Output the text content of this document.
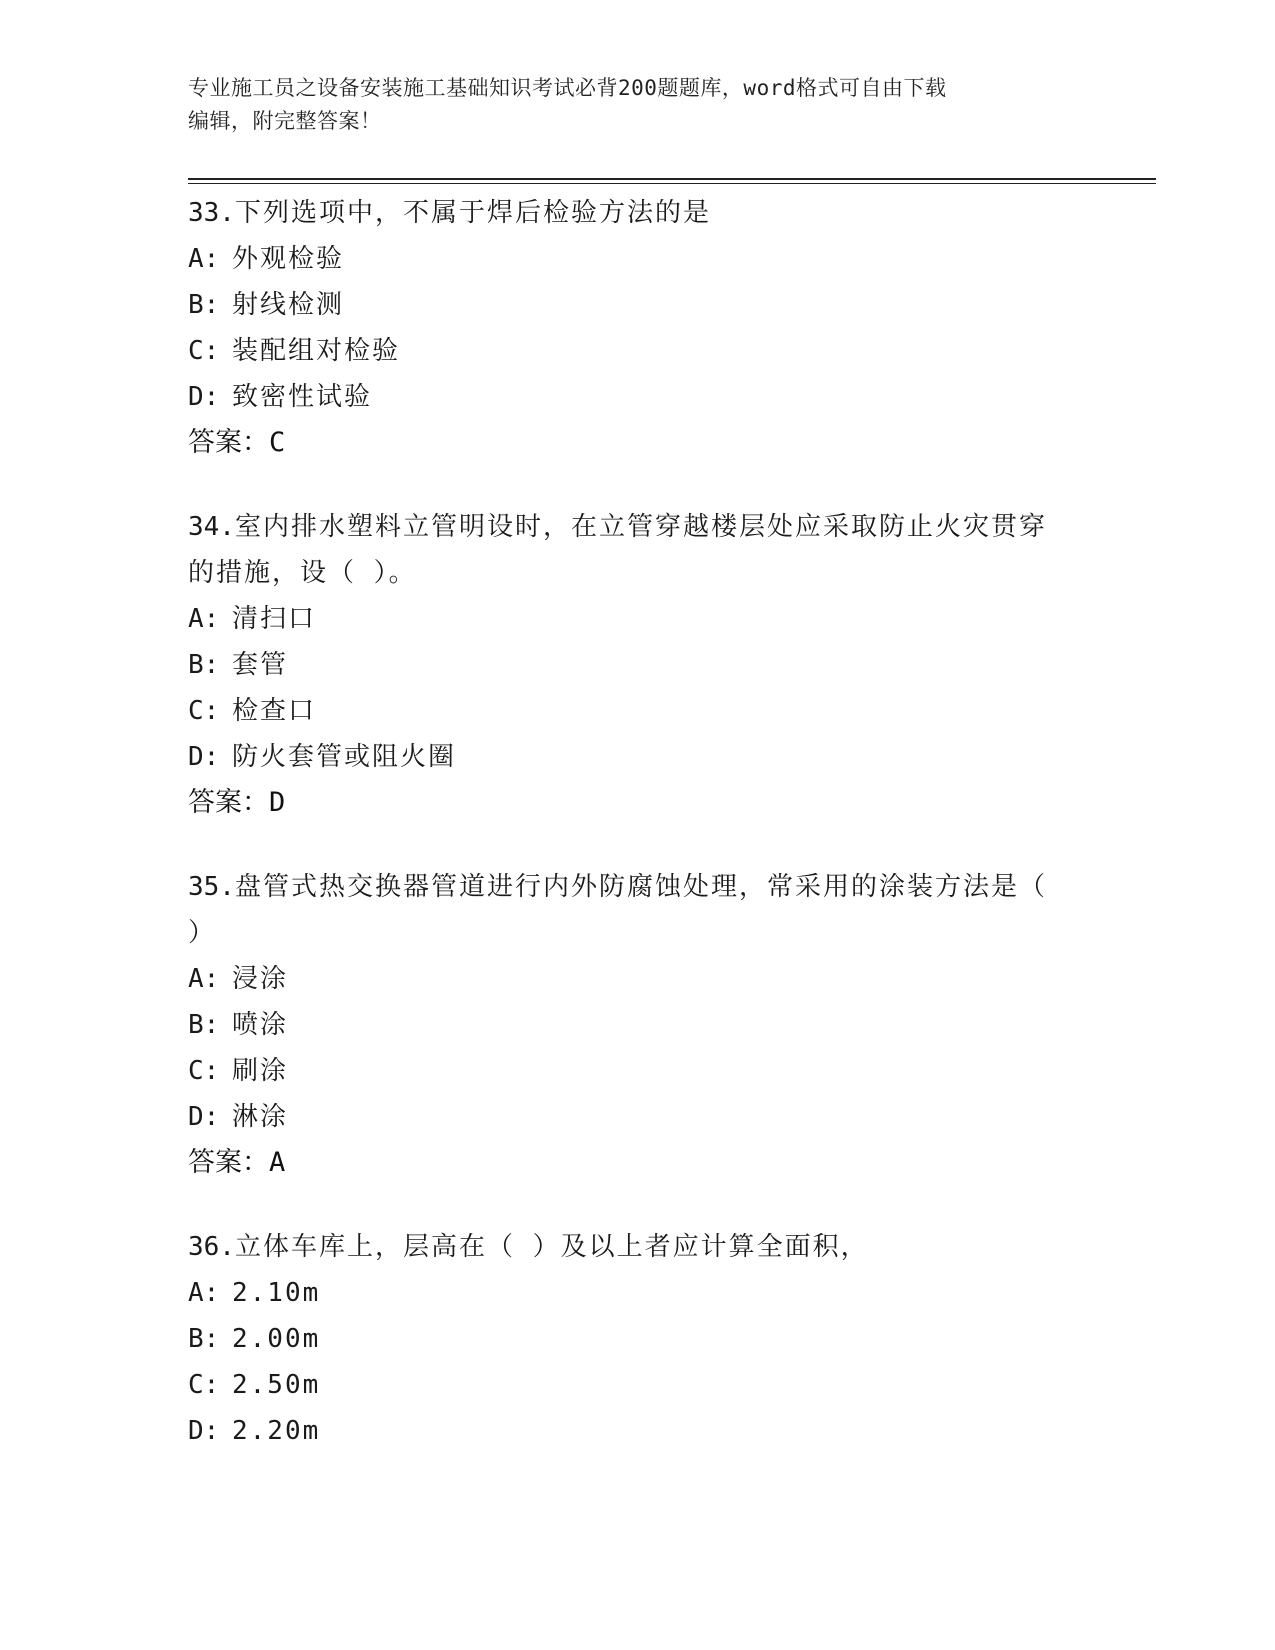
专业施工员之设备安装施工基础知识考试必背200题题库，word格式可自由下载
编辑，附完整答案！
33.下列选项中，不属于焊后检验方法的是
A: 外观检验
B: 射线检测
C: 装配组对检验
D: 致密性试验
答案：C
34.室内排水塑料立管明设时，在立管穿越楼层处应采取防止火灾贯穿
的措施，设（ ）。
A: 清扫口
B: 套管
C: 检查口
D: 防火套管或阻火圈
答案：D
35.盘管式热交换器管道进行内外防腐蚀处理，常采用的涂装方法是（
）
A: 浸涂
B: 喷涂
C: 刷涂
D: 淋涂
答案：A
36.立体车库上，层高在（ ）及以上者应计算全面积，
A: 2.10m
B: 2.00m
C: 2.50m
D: 2.20m
